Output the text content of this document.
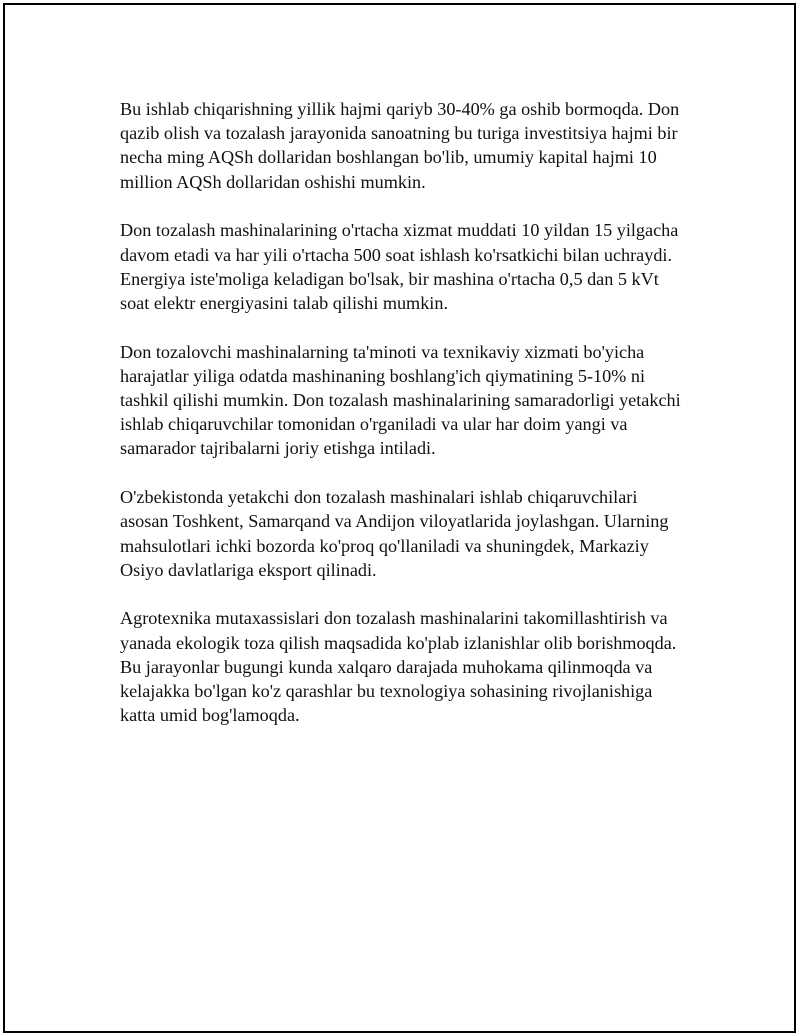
Bu ishlab chiqarishning yillik hajmi qariyb 30-40% ga oshib bormoqda. Don
qazib olish va tozalash jarayonida sanoatning bu turiga investitsiya hajmi bir
necha ming AQSh dollaridan boshlangan bo'lib, umumiy kapital hajmi 10
million AQSh dollaridan oshishi mumkin.

Don tozalash mashinalarining o'rtacha xizmat muddati 10 yildan 15 yilgacha
davom etadi va har yili o'rtacha 500 soat ishlash ko'rsatkichi bilan uchraydi.
Energiya iste'moliga keladigan bo'lsak, bir mashina o'rtacha 0,5 dan 5 kVt
soat elektr energiyasini talab qilishi mumkin.

Don tozalovchi mashinalarning ta'minoti va texnikaviy xizmati bo'yicha
harajatlar yiliga odatda mashinaning boshlang'ich qiymatining 5-10% ni
tashkil qilishi mumkin. Don tozalash mashinalarining samaradorligi yetakchi
ishlab chiqaruvchilar tomonidan o'rganiladi va ular har doim yangi va
samarador tajribalarni joriy etishga intiladi.

O'zbekistonda yetakchi don tozalash mashinalari ishlab chiqaruvchilari
asosan Toshkent, Samarqand va Andijon viloyatlarida joylashgan. Ularning
mahsulotlari ichki bozorda ko'proq qo'llaniladi va shuningdek, Markaziy
Osiyo davlatlariga eksport qilinadi.

Agrotexnika mutaxassislari don tozalash mashinalarini takomillashtirish va
yanada ekologik toza qilish maqsadida ko'plab izlanishlar olib borishmoqda.
Bu jarayonlar bugungi kunda xalqaro darajada muhokama qilinmoqda va
kelajakka bo'lgan ko'z qarashlar bu texnologiya sohasining rivojlanishiga
katta umid bog'lamoqda.
